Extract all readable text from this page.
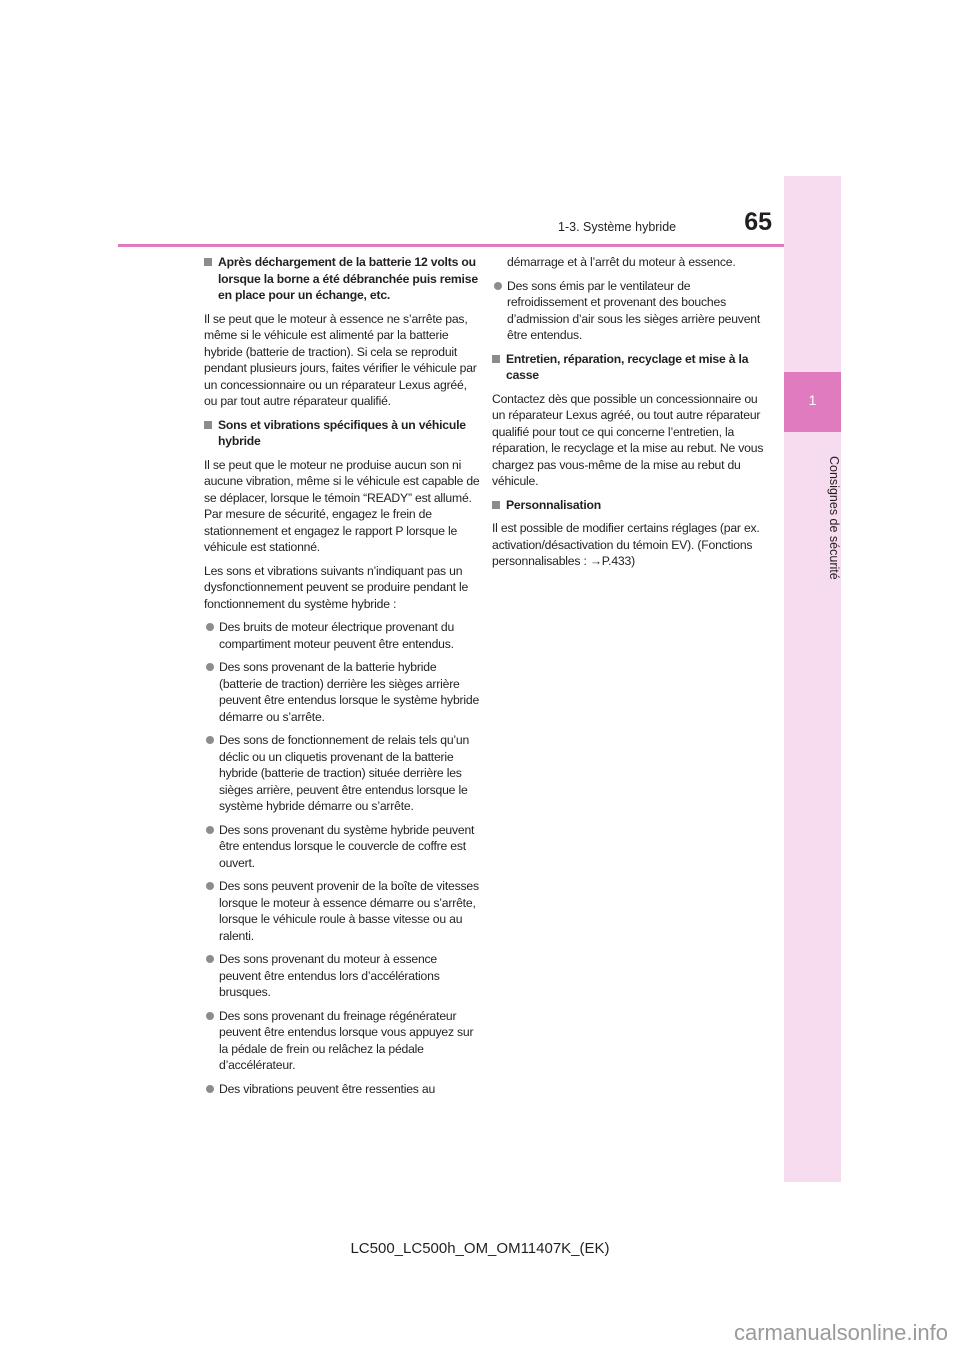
1
Consignes de sécurité
1-3. Système hybride	65
Après déchargement de la batterie 12 volts ou lorsque la borne a été débranchée puis remise en place pour un échange, etc.

Il se peut que le moteur à essence ne s’arrête pas, même si le véhicule est alimenté par la batterie hybride (batterie de traction). Si cela se reproduit pendant plusieurs jours, faites vérifier le véhicule par un concessionnaire ou un réparateur Lexus agréé, ou par tout autre réparateur qualifié.

Sons et vibrations spécifiques à un véhicule hybride

Il se peut que le moteur ne produise aucun son ni aucune vibration, même si le véhicule est capable de se déplacer, lorsque le témoin “READY” est allumé. Par mesure de sécurité, engagez le frein de stationnement et engagez le rapport P lorsque le véhicule est stationné.

Les sons et vibrations suivants n’indiquant pas un dysfonctionnement peuvent se produire pendant le fonctionnement du système hybride :

Des bruits de moteur électrique provenant du compartiment moteur peuvent être entendus.
Des sons provenant de la batterie hybride (batterie de traction) derrière les sièges arrière peuvent être entendus lorsque le système hybride démarre ou s’arrête.
Des sons de fonctionnement de relais tels qu’un déclic ou un cliquetis provenant de la batterie hybride (batterie de traction) située derrière les sièges arrière, peuvent être entendus lorsque le système hybride démarre ou s’arrête.
Des sons provenant du système hybride peuvent être entendus lorsque le couvercle de coffre est ouvert.
Des sons peuvent provenir de la boîte de vitesses lorsque le moteur à essence démarre ou s’arrête, lorsque le véhicule roule à basse vitesse ou au ralenti.
Des sons provenant du moteur à essence peuvent être entendus lors d’accélérations brusques.
Des sons provenant du freinage régénérateur peuvent être entendus lorsque vous appuyez sur la pédale de frein ou relâchez la pédale d’accélérateur.
Des vibrations peuvent être ressenties au
démarrage et à l’arrêt du moteur à essence.
Des sons émis par le ventilateur de refroidissement et provenant des bouches d’admission d’air sous les sièges arrière peuvent être entendus.
Entretien, réparation, recyclage et mise à la casse

Contactez dès que possible un concessionnaire ou un réparateur Lexus agréé, ou tout autre réparateur qualifié pour tout ce qui concerne l’entretien, la réparation, le recyclage et la mise au rebut. Ne vous chargez pas vous-même de la mise au rebut du véhicule.

Personnalisation

Il est possible de modifier certains réglages (par ex. activation/désactivation du témoin EV). (Fonctions personnalisables : →P.433)

LC500_LC500h_OM_OM11407K_(EK)
carmanualsonline.info
